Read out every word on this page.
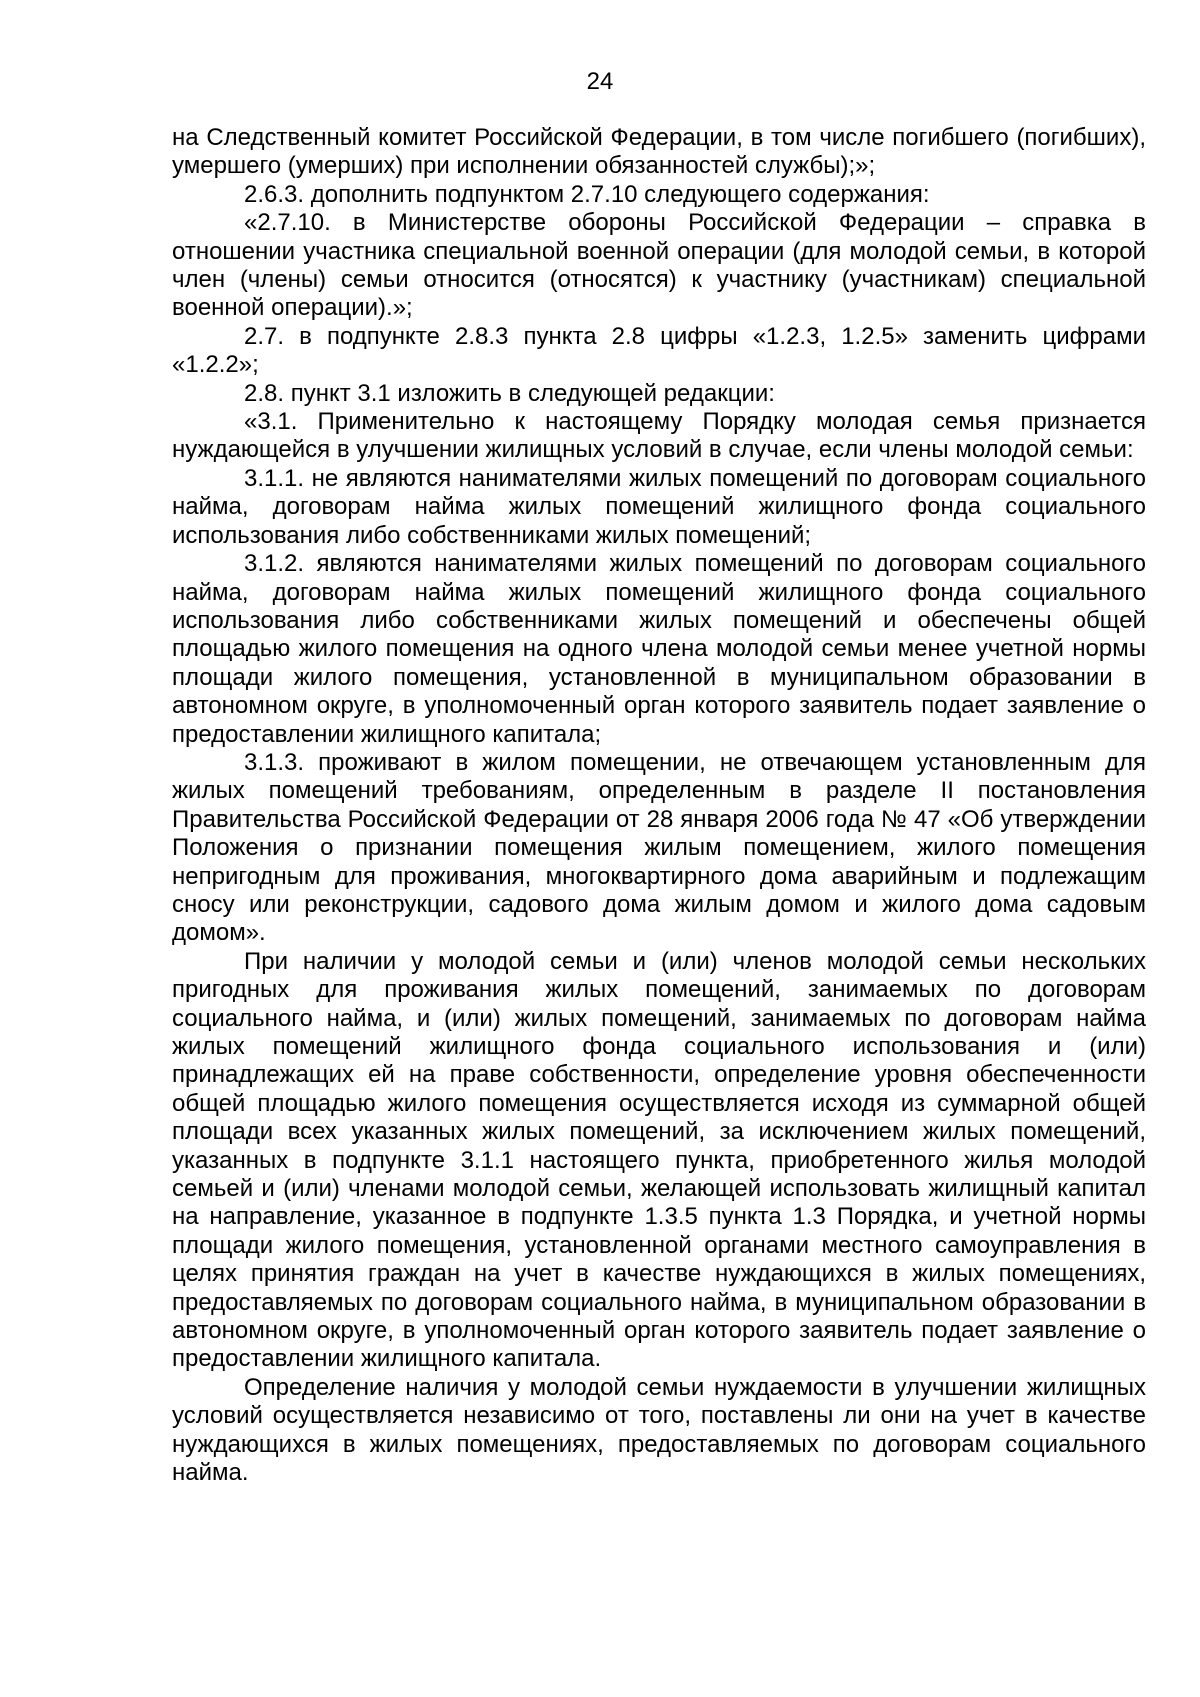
24

на Следственный комитет Российской Федерации, в том числе погибшего (погибших), умершего (умерших) при исполнении обязанностей службы);»;

2.6.3. дополнить подпунктом 2.7.10 следующего содержания:

«2.7.10. в Министерстве обороны Российской Федерации – справка в отношении участника специальной военной операции (для молодой семьи, в которой член (члены) семьи относится (относятся) к участнику (участникам) специальной военной операции).»;

2.7. в подпункте 2.8.3 пункта 2.8 цифры «1.2.3, 1.2.5» заменить цифрами «1.2.2»;

2.8. пункт 3.1 изложить в следующей редакции:

«3.1. Применительно к настоящему Порядку молодая семья признается нуждающейся в улучшении жилищных условий в случае, если члены молодой семьи:

3.1.1. не являются нанимателями жилых помещений по договорам социального найма, договорам найма жилых помещений жилищного фонда социального использования либо собственниками жилых помещений;

3.1.2. являются нанимателями жилых помещений по договорам социального найма, договорам найма жилых помещений жилищного фонда социального использования либо собственниками жилых помещений и обеспечены общей площадью жилого помещения на одного члена молодой семьи менее учетной нормы площади жилого помещения, установленной в муниципальном образовании в автономном округе, в уполномоченный орган которого заявитель подает заявление о предоставлении жилищного капитала;

3.1.3. проживают в жилом помещении, не отвечающем установленным для жилых помещений требованиям, определенным в разделе II постановления Правительства Российской Федерации от 28 января 2006 года № 47 «Об утверждении Положения о признании помещения жилым помещением, жилого помещения непригодным для проживания, многоквартирного дома аварийным и подлежащим сносу или реконструкции, садового дома жилым домом и жилого дома садовым домом».

При наличии у молодой семьи и (или) членов молодой семьи нескольких пригодных для проживания жилых помещений, занимаемых по договорам социального найма, и (или) жилых помещений, занимаемых по договорам найма жилых помещений жилищного фонда социального использования и (или) принадлежащих ей на праве собственности, определение уровня обеспеченности общей площадью жилого помещения осуществляется исходя из суммарной общей площади всех указанных жилых помещений, за исключением жилых помещений, указанных в подпункте 3.1.1 настоящего пункта, приобретенного жилья молодой семьей и (или) членами молодой семьи, желающей использовать жилищный капитал на направление, указанное в подпункте 1.3.5 пункта 1.3 Порядка, и учетной нормы площади жилого помещения, установленной органами местного самоуправления в целях принятия граждан на учет в качестве нуждающихся в жилых помещениях, предоставляемых по договорам социального найма, в муниципальном образовании в автономном округе, в уполномоченный орган которого заявитель подает заявление о предоставлении жилищного капитала.

Определение наличия у молодой семьи нуждаемости в улучшении жилищных условий осуществляется независимо от того, поставлены ли они на учет в качестве нуждающихся в жилых помещениях, предоставляемых по договорам социального найма.
